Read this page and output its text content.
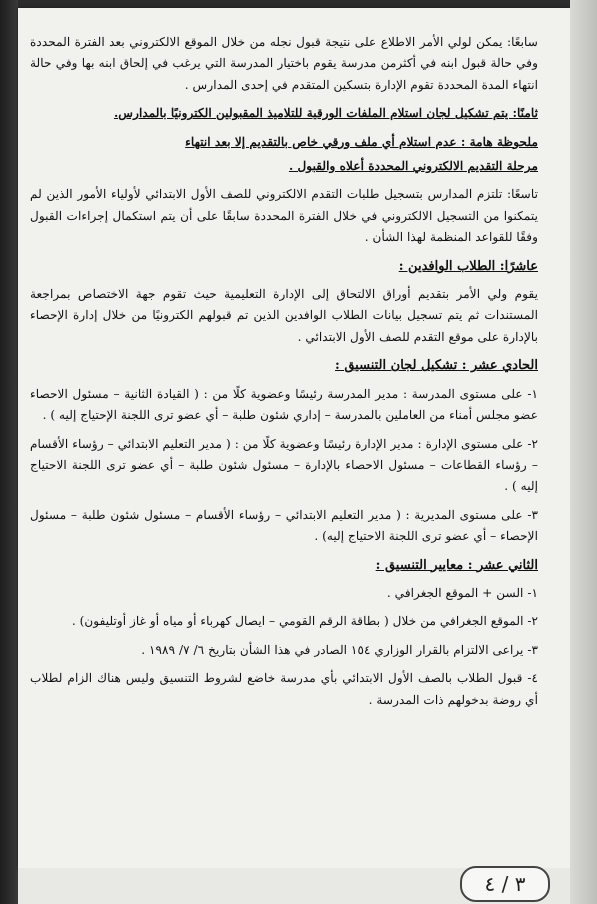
سابعًا: يمكن لولي الأمر الاطلاع على نتيجة قبول نجله من خلال الموقع الالكتروني بعد الفترة المحددة وفي حالة قبول ابنه في أكثرمن مدرسة يقوم باختيار المدرسة التي يرغب في إلحاق ابنه بها وفي حالة انتهاء المدة المحددة تقوم الإدارة بتسكين المتقدم في إحدى المدارس .

ثامنًا: يتم تشكيل لجان استلام الملفات الورقية للتلاميذ المقبولين الكترونيًا بالمدارس.

ملحوظة هامة : عدم استلام أي ملف ورقي خاص بالتقديم إلا بعد انتهاء

مرحلة التقديم الالكتروني المحددة أعلاه والقبول .

تاسعًا: تلتزم المدارس بتسجيل طلبات التقدم الالكتروني للصف الأول الابتدائي لأولياء الأمور الذين لم يتمكنوا من التسجيل الالكتروني في خلال الفترة المحددة سابقًا على أن يتم استكمال إجراءات القبول وفقًا للقواعد المنظمة لهذا الشأن .

عاشرًا: الطلاب الوافدين :

يقوم ولي الأمر بتقديم أوراق الالتحاق إلى الإدارة التعليمية حيث تقوم جهة الاختصاص بمراجعة المستندات ثم يتم تسجيل بيانات الطلاب الوافدين الذين تم قبولهم الكترونيًا من خلال إدارة الإحصاء بالإدارة على موقع التقدم للصف الأول الابتدائي .

الحادي عشر : تشكيل لجان التنسيق :

١- على مستوى المدرسة : مدير المدرسة رئيسًا وعضوية كلًا من : ( القيادة الثانية – مسئول الاحصاء عضو مجلس أمناء من العاملين بالمدرسة – إداري شئون طلبة – أي عضو ترى اللجنة الإحتياج إليه ) .

٢- على مستوى الإدارة : مدير الإدارة رئيسًا وعضوية كلًا من : ( مدير التعليم الابتدائي – رؤساء الأقسام – رؤساء القطاعات – مسئول الاحصاء بالإدارة – مسئول شئون طلبة – أي عضو ترى اللجنة الاحتياج إليه ) .

٣- على مستوى المديرية : ( مدير التعليم الابتدائي – رؤساء الأقسام – مسئول شئون طلبة – مسئول الإحصاء – أي عضو ترى اللجنة الاحتياج إليه) .

الثاني عشر : معايير التنسيق :

١- السن + الموقع الجغرافي .

٢- الموقع الجغرافي من خلال ( بطاقة الرقم القومي – ايصال كهرباء أو مياه أو غاز أوتليفون) .

٣- يراعى الالتزام بالقرار الوزاري ١٥٤ الصادر في هذا الشأن بتاريخ ٦/ ٧/ ١٩٨٩ .

٤- قبول الطلاب بالصف الأول الابتدائي بأي مدرسة خاضع لشروط التنسيق وليس هناك الزام لطلاب أي روضة بدخولهم ذات المدرسة .

٣ / ٤
